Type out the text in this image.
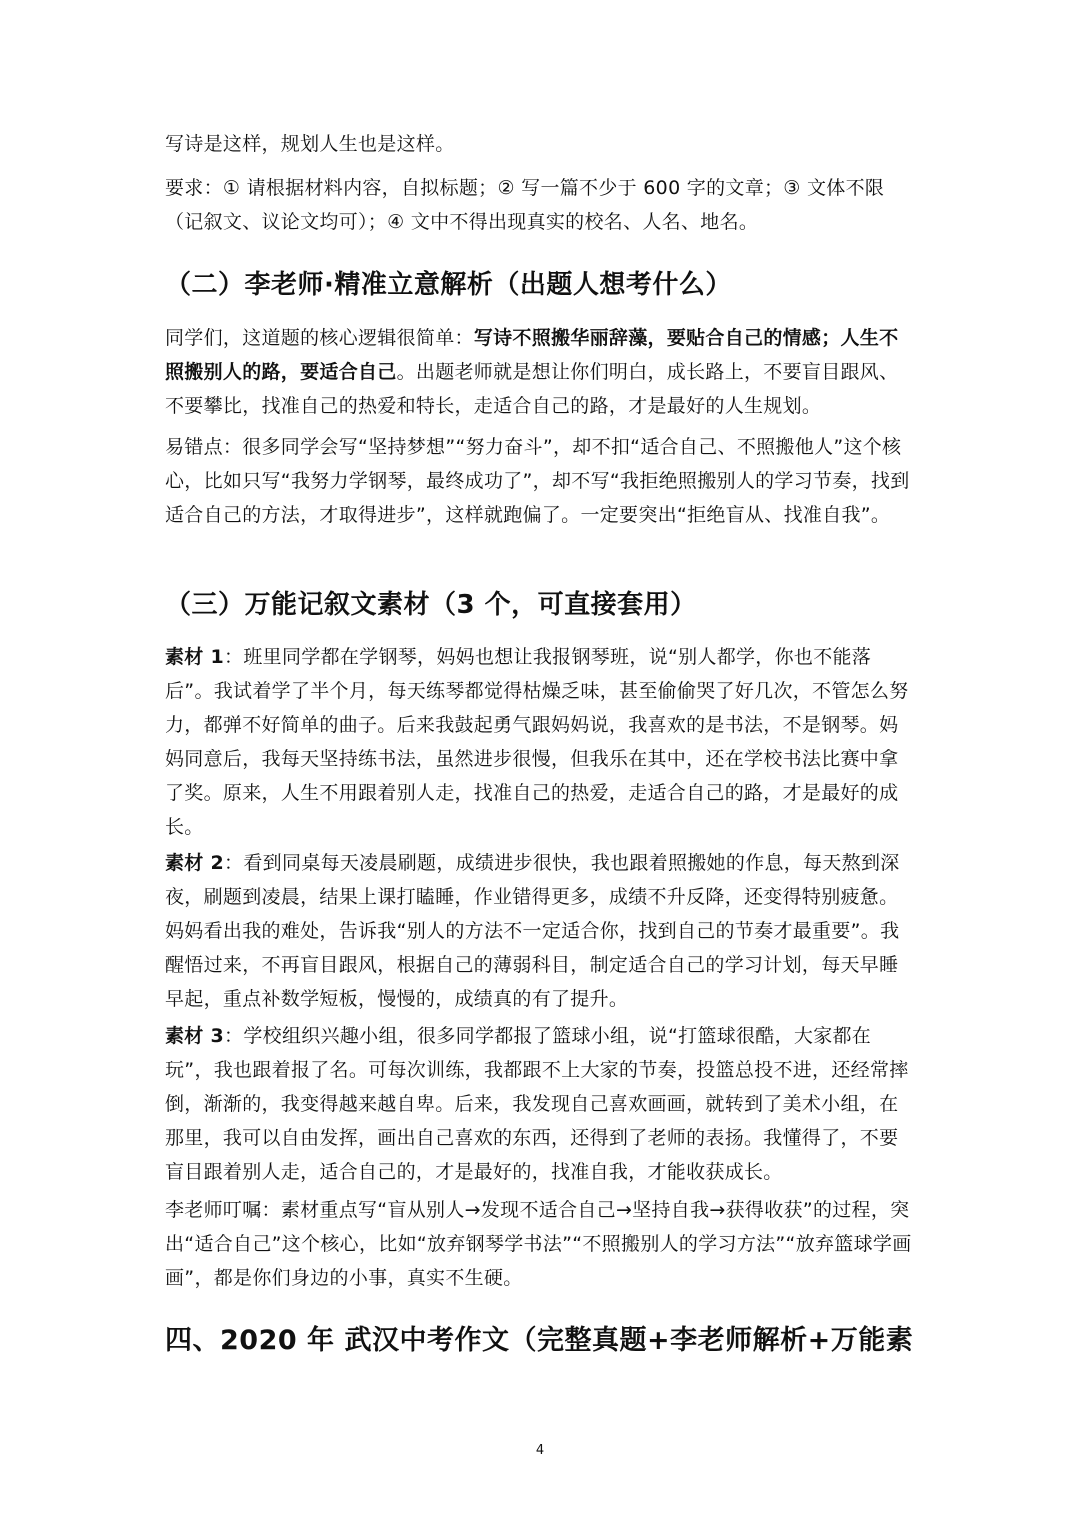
写诗是这样，规划人生也是这样。

要求：① 请根据材料内容，自拟标题；② 写一篇不少于 600 字的文章；③ 文体不限（记叙文、议论文均可）；④ 文中不得出现真实的校名、人名、地名。

（二）李老师·精准立意解析（出题人想考什么）

同学们，这道题的核心逻辑很简单：写诗不照搬华丽辞藻，要贴合自己的情感；人生不照搬别人的路，要适合自己。出题老师就是想让你们明白，成长路上，不要盲目跟风、不要攀比，找准自己的热爱和特长，走适合自己的路，才是最好的人生规划。

易错点：很多同学会写“坚持梦想”“努力奋斗”，却不扣“适合自己、不照搬他人”这个核心，比如只写“我努力学钢琴，最终成功了”，却不写“我拒绝照搬别人的学习节奏，找到适合自己的方法，才取得进步”，这样就跑偏了。一定要突出“拒绝盲从、找准自我”。

（三）万能记叙文素材（3 个，可直接套用）

素材 1：班里同学都在学钢琴，妈妈也想让我报钢琴班，说“别人都学，你也不能落后”。我试着学了半个月，每天练琴都觉得枯燥乏味，甚至偷偷哭了好几次，不管怎么努力，都弹不好简单的曲子。后来我鼓起勇气跟妈妈说，我喜欢的是书法，不是钢琴。妈妈同意后，我每天坚持练书法，虽然进步很慢，但我乐在其中，还在学校书法比赛中拿了奖。原来，人生不用跟着别人走，找准自己的热爱，走适合自己的路，才是最好的成长。

素材 2：看到同桌每天凌晨刷题，成绩进步很快，我也跟着照搬她的作息，每天熬到深夜，刷题到凌晨，结果上课打瞌睡，作业错得更多，成绩不升反降，还变得特别疲惫。妈妈看出我的难处，告诉我“别人的方法不一定适合你，找到自己的节奏才最重要”。我醒悟过来，不再盲目跟风，根据自己的薄弱科目，制定适合自己的学习计划，每天早睡早起，重点补数学短板，慢慢的，成绩真的有了提升。

素材 3：学校组织兴趣小组，很多同学都报了篮球小组，说“打篮球很酷，大家都在玩”，我也跟着报了名。可每次训练，我都跟不上大家的节奏，投篮总投不进，还经常摔倒，渐渐的，我变得越来越自卑。后来，我发现自己喜欢画画，就转到了美术小组，在那里，我可以自由发挥，画出自己喜欢的东西，还得到了老师的表扬。我懂得了，不要盲目跟着别人走，适合自己的，才是最好的，找准自我，才能收获成长。

李老师叮嘱：素材重点写“盲从别人→发现不适合自己→坚持自我→获得收获”的过程，突出“适合自己”这个核心，比如“放弃钢琴学书法”“不照搬别人的学习方法”“放弃篮球学画画”，都是你们身边的小事，真实不生硬。

四、2020 年 武汉中考作文（完整真题+李老师解析+万能素
4
